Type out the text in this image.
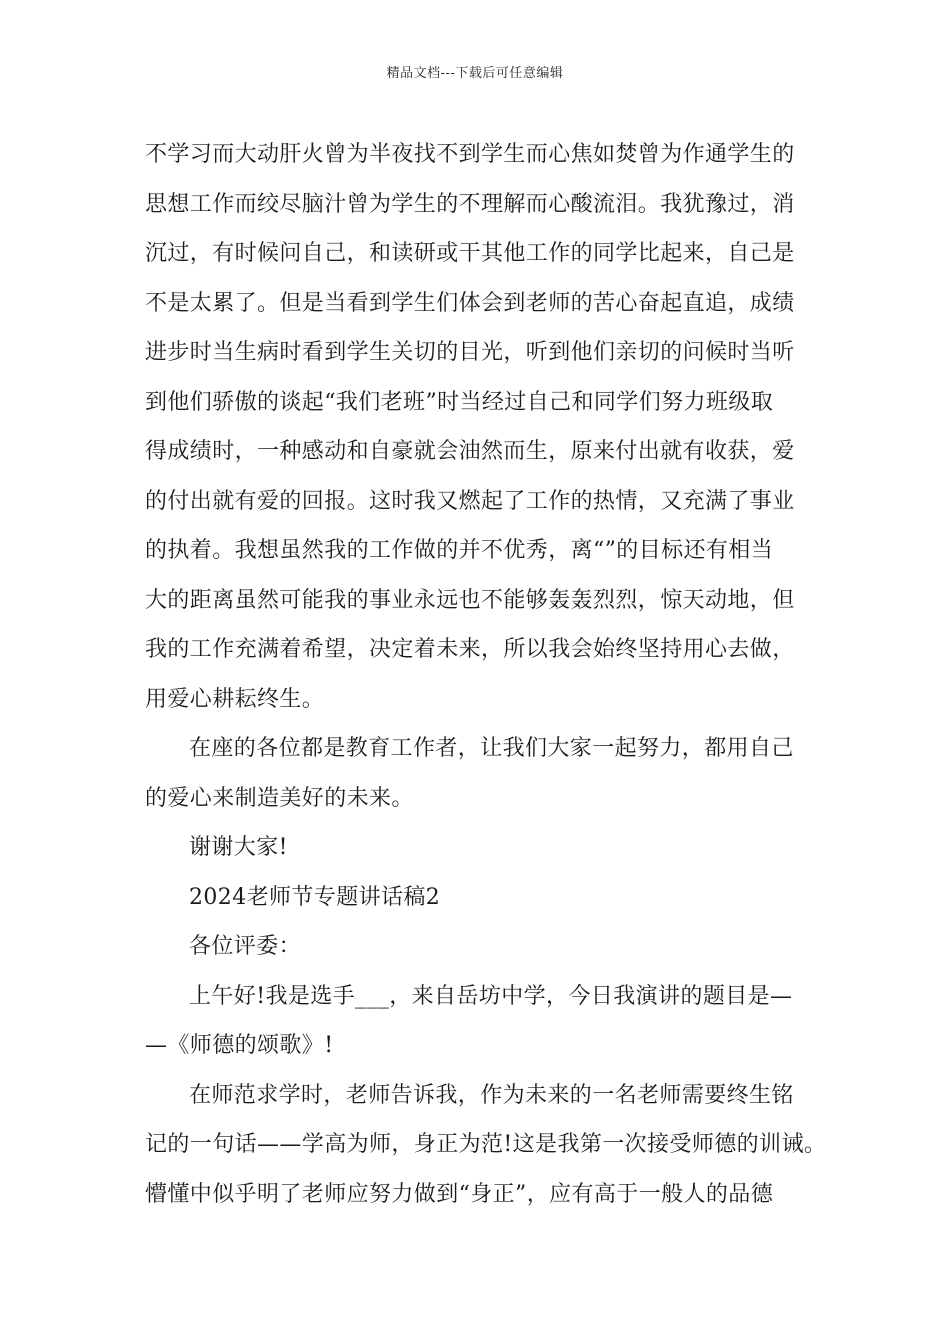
精品文档---下载后可任意编辑
不学习而大动肝火曾为半夜找不到学生而心焦如焚曾为作通学生的
思想工作而绞尽脑汁曾为学生的不理解而心酸流泪。我犹豫过，消
沉过，有时候问自己，和读研或干其他工作的同学比起来，自己是
不是太累了。但是当看到学生们体会到老师的苦心奋起直追，成绩
进步时当生病时看到学生关切的目光，听到他们亲切的问候时当听
到他们骄傲的谈起“我们老班”时当经过自己和同学们努力班级取
得成绩时，一种感动和自豪就会油然而生，原来付出就有收获，爱
的付出就有爱的回报。这时我又燃起了工作的热情，又充满了事业
的执着。我想虽然我的工作做的并不优秀，离“”的目标还有相当
大的距离虽然可能我的事业永远也不能够轰轰烈烈，惊天动地，但
我的工作充满着希望，决定着未来，所以我会始终坚持用心去做，
用爱心耕耘终生。
在座的各位都是教育工作者，让我们大家一起努力，都用自己
的爱心来制造美好的未来。
谢谢大家!
2024老师节专题讲话稿2
各位评委：
上午好!我是选手___，来自岳坊中学，今日我演讲的题目是—
—《师德的颂歌》!
在师范求学时，老师告诉我，作为未来的一名老师需要终生铭
记的一句话——学高为师，身正为范!这是我第一次接受师德的训诫。
懵懂中似乎明了老师应努力做到“身正”，应有高于一般人的品德
